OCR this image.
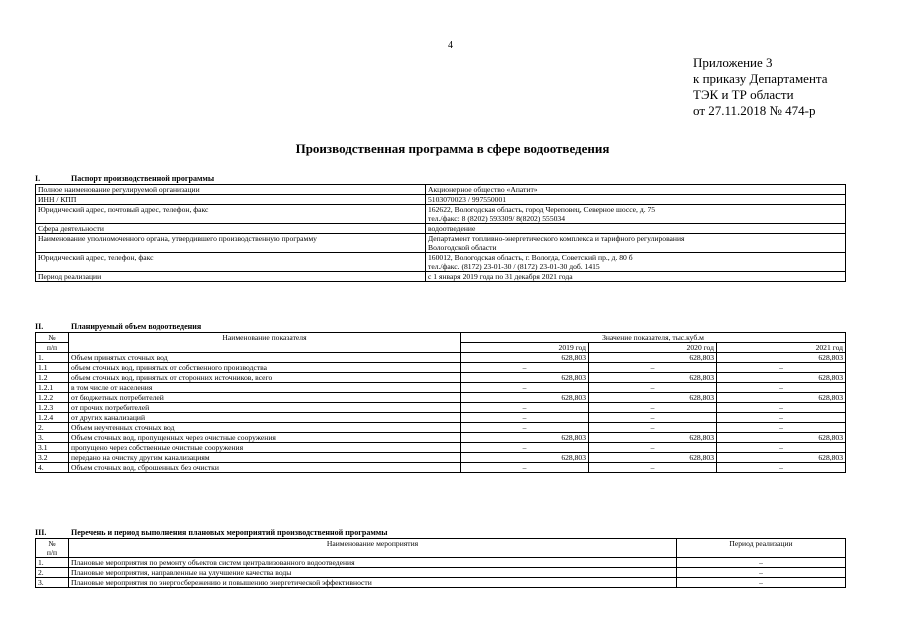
4
Приложение 3
к приказу Департамента
ТЭК и ТР области
от 27.11.2018 № 474-р
Производственная программа в сфере водоотведения
I.	Паспорт производственной программы
Полное наименование регулируемой организации	Акционерное общество «Апатит»

ИНН / КПП	5103070023 / 997550001

Юридический адрес, почтовый адрес, телефон, факс	162622, Вологодская область, город Череповец, Северное шоссе, д. 75
тел./факс: 8 (8202) 593309/ 8(8202) 555034

Сфера деятельности	водоотведение

Наименование уполномоченного органа, утвердившего производственную программу	Департамент топливно-энергетического комплекса и тарифного регулирования
Вологодской области

Юридический адрес, телефон, факс	160012, Вологодская область, г. Вологда, Советский пр., д. 80 б
тел./факс. (8172) 23-01-30 / (8172) 23-01-30 доб. 1415

Период реализации	с 1 января 2019 года по 31 декабря 2021 года
II.	Планируемый объем водоотведения
№	Наименование показателя	Значение показателя, тыс.куб.м		
п/п		2019 год	2020 год	2021 год
1.	Объем принятых сточных вод	628,803	628,803	628,803
1.1	объем сточных вод, принятых от собственного производства	–	–	–
1.2	объем сточных вод, принятых от сторонних источников, всего	628,803	628,803	628,803
1.2.1	в том числе от населения	–	–	–
1.2.2	от бюджетных потребителей	628,803	628,803	628,803
1.2.3	от прочих потребителей	–	–	–
1.2.4	от других канализаций	–	–	–
2.	Объем неучтенных сточных вод	–	–	–
3.	Объем сточных вод, пропущенных через очистные сооружения	628,803	628,803	628,803
3.1	пропущено через собственные очистные сооружения	–	–	–
3.2	передано на очистку другим канализациям	628,803	628,803	628,803
4.	Объем сточных вод, сброшенных без очистки	–	–	–
III.	Перечень и период выполнения плановых мероприятий производственной программы
№
п/п	Наименование мероприятия	Период реализации
1.	Плановые мероприятия по ремонту объектов систем централизованного водоотведения	–
2.	Плановые мероприятия, направленные на улучшение качества воды	–
3.	Плановые мероприятия по энергосбережению и повышению энергетической эффективности	–
